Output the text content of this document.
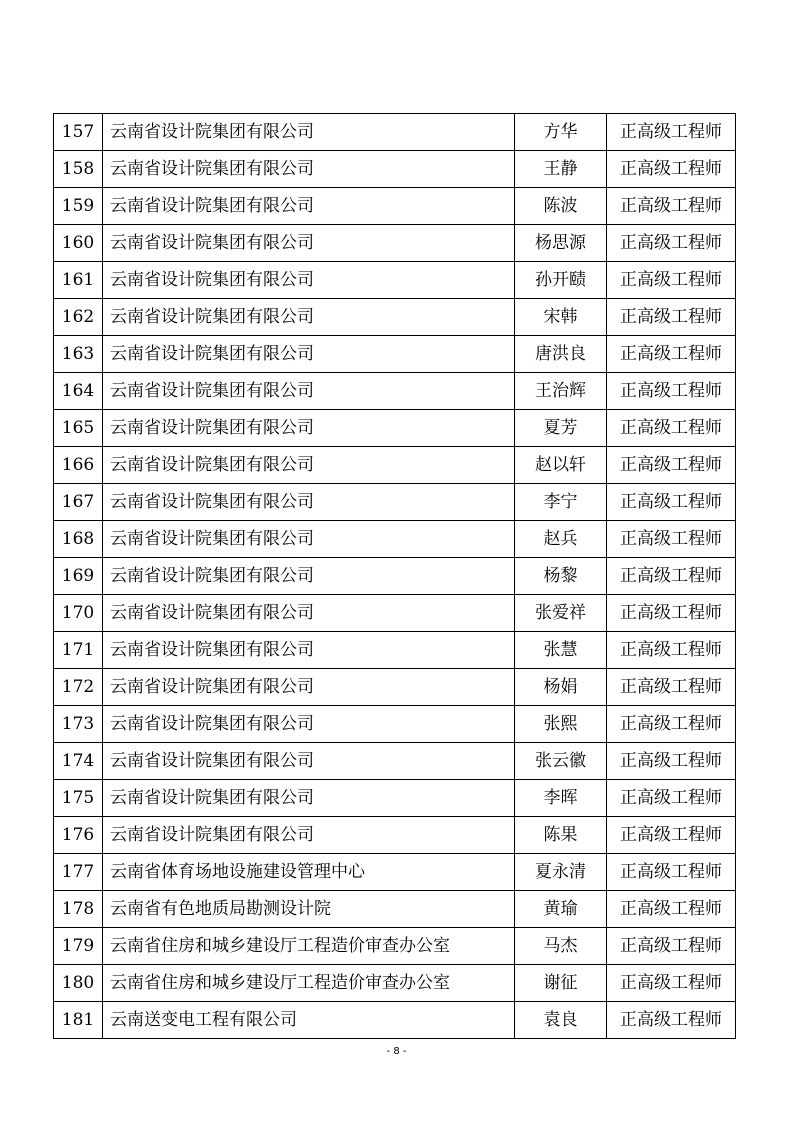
157	云南省设计院集团有限公司	方华	正高级工程师
158	云南省设计院集团有限公司	王静	正高级工程师
159	云南省设计院集团有限公司	陈波	正高级工程师
160	云南省设计院集团有限公司	杨思源	正高级工程师
161	云南省设计院集团有限公司	孙开赜	正高级工程师
162	云南省设计院集团有限公司	宋韩	正高级工程师
163	云南省设计院集团有限公司	唐洪良	正高级工程师
164	云南省设计院集团有限公司	王治辉	正高级工程师
165	云南省设计院集团有限公司	夏芳	正高级工程师
166	云南省设计院集团有限公司	赵以轩	正高级工程师
167	云南省设计院集团有限公司	李宁	正高级工程师
168	云南省设计院集团有限公司	赵兵	正高级工程师
169	云南省设计院集团有限公司	杨黎	正高级工程师
170	云南省设计院集团有限公司	张爱祥	正高级工程师
171	云南省设计院集团有限公司	张慧	正高级工程师
172	云南省设计院集团有限公司	杨娟	正高级工程师
173	云南省设计院集团有限公司	张熙	正高级工程师
174	云南省设计院集团有限公司	张云徽	正高级工程师
175	云南省设计院集团有限公司	李晖	正高级工程师
176	云南省设计院集团有限公司	陈果	正高级工程师
177	云南省体育场地设施建设管理中心	夏永清	正高级工程师
178	云南省有色地质局勘测设计院	黄瑜	正高级工程师
179	云南省住房和城乡建设厅工程造价审查办公室	马杰	正高级工程师
180	云南省住房和城乡建设厅工程造价审查办公室	谢征	正高级工程师
181	云南送变电工程有限公司	袁良	正高级工程师
- 8 -
